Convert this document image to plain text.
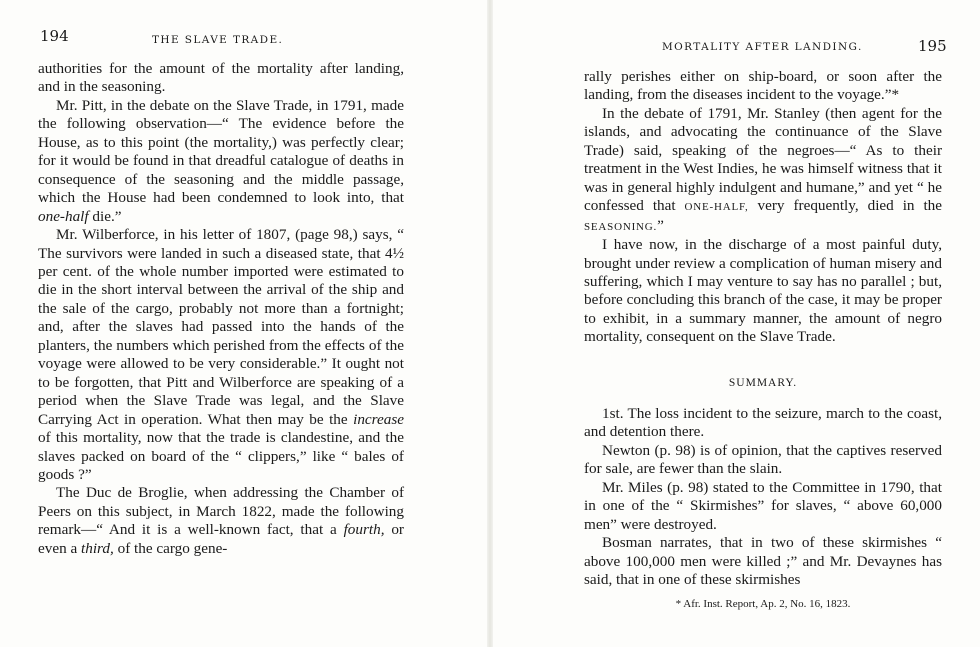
194	THE SLAVE TRADE.

authorities for the amount of the mortality after landing, and in the seasoning.

Mr. Pitt, in the debate on the Slave Trade, in 1791, made the following observation—“ The evidence before the House, as to this point (the mortality,) was perfectly clear; for it would be found in that dreadful catalogue of deaths in consequence of the seasoning and the middle passage, which the House had been condemned to look into, that one-half die.”

Mr. Wilberforce, in his letter of 1807, (page 98,) says, “ The survivors were landed in such a diseased state, that 4½ per cent. of the whole number imported were estimated to die in the short interval between the arrival of the ship and the sale of the cargo, probably not more than a fortnight; and, after the slaves had passed into the hands of the planters, the numbers which perished from the effects of the voyage were allowed to be very considerable.” It ought not to be forgotten, that Pitt and Wilberforce are speaking of a period when the Slave Trade was legal, and the Slave Carrying Act in operation. What then may be the increase of this mortality, now that the trade is clandestine, and the slaves packed on board of the “ clippers,” like “ bales of goods ?”

The Duc de Broglie, when addressing the Chamber of Peers on this subject, in March 1822, made the following remark—“ And it is a well-known fact, that a fourth, or even a third, of the cargo gene-

MORTALITY AFTER LANDING.	195

rally perishes either on ship-board, or soon after the landing, from the diseases incident to the voyage.”*

In the debate of 1791, Mr. Stanley (then agent for the islands, and advocating the continuance of the Slave Trade) said, speaking of the negroes—“ As to their treatment in the West Indies, he was himself witness that it was in general highly indulgent and humane,” and yet “ he confessed that ONE-HALF, very frequently, died in the SEASONING.”

I have now, in the discharge of a most painful duty, brought under review a complication of human misery and suffering, which I may venture to say has no parallel ; but, before concluding this branch of the case, it may be proper to exhibit, in a summary manner, the amount of negro mortality, consequent on the Slave Trade.

SUMMARY.

1st. The loss incident to the seizure, march to the coast, and detention there.

Newton (p. 98) is of opinion, that the captives reserved for sale, are fewer than the slain.

Mr. Miles (p. 98) stated to the Committee in 1790, that in one of the “ Skirmishes” for slaves, “ above 60,000 men” were destroyed.

Bosman narrates, that in two of these skirmishes “ above 100,000 men were killed ;” and Mr. Devaynes has said, that in one of these skirmishes

* Afr. Inst. Report, Ap. 2, No. 16, 1823.
